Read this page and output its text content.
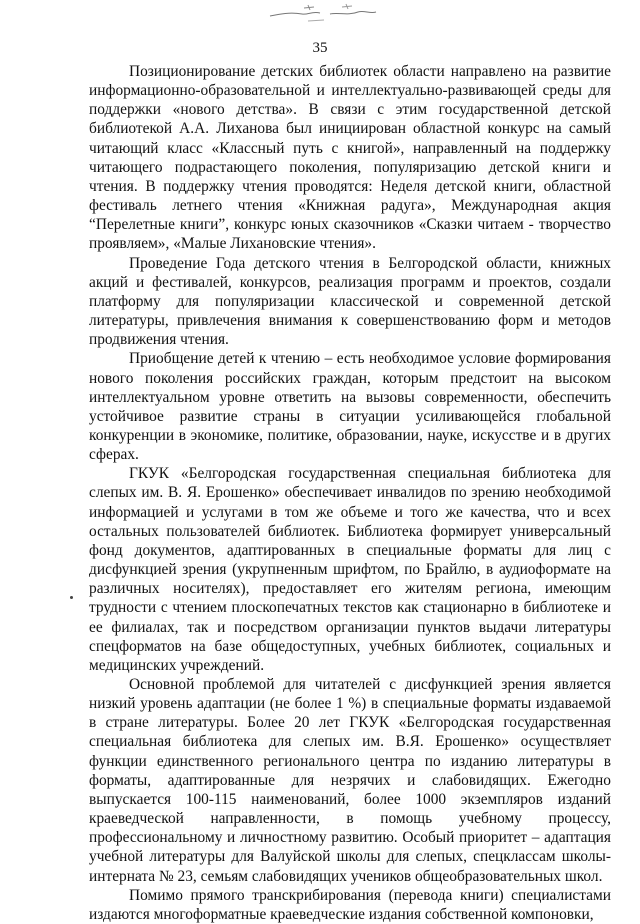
35

Позиционирование детских библиотек области направлено на развитие информационно-образовательной и интеллектуально-развивающей среды для поддержки «нового детства». В связи с этим государственной детской библиотекой А.А. Лиханова был инициирован областной конкурс на самый читающий класс «Классный путь с книгой», направленный на поддержку читающего подрастающего поколения, популяризацию детской книги и чтения. В поддержку чтения проводятся: Неделя детской книги, областной фестиваль летнего чтения «Книжная радуга», Международная акция “Перелетные книги”, конкурс юных сказочников «Сказки читаем - творчество проявляем», «Малые Лихановские чтения».

Проведение Года детского чтения в Белгородской области, книжных акций и фестивалей, конкурсов, реализация программ и проектов, создали платформу для популяризации классической и современной детской литературы, привлечения внимания к совершенствованию форм и методов продвижения чтения.

Приобщение детей к чтению – есть необходимое условие формирования нового поколения российских граждан, которым предстоит на высоком интеллектуальном уровне ответить на вызовы современности, обеспечить устойчивое развитие страны в ситуации усиливающейся глобальной конкуренции в экономике, политике, образовании, науке, искусстве и в других сферах.

ГКУК «Белгородская государственная специальная библиотека для слепых им. В. Я. Ерошенко» обеспечивает инвалидов по зрению необходимой информацией и услугами в том же объеме и того же качества, что и всех остальных пользователей библиотек. Библиотека формирует универсальный фонд документов, адаптированных в специальные форматы для лиц с дисфункцией зрения (укрупненным шрифтом, по Брайлю, в аудиоформате на различных носителях), предоставляет его жителям региона, имеющим трудности с чтением плоскопечатных текстов как стационарно в библиотеке и ее филиалах, так и посредством организации пунктов выдачи литературы спецформатов на базе общедоступных, учебных библиотек, социальных и медицинских учреждений.

Основной проблемой для читателей с дисфункцией зрения является низкий уровень адаптации (не более 1 %) в специальные форматы издаваемой в стране литературы. Более 20 лет ГКУК «Белгородская государственная специальная библиотека для слепых им. В.Я. Ерошенко» осуществляет функции единственного регионального центра по изданию литературы в форматы, адаптированные для незрячих и слабовидящих. Ежегодно выпускается 100-115 наименований, более 1000 экземпляров изданий краеведческой направленности, в помощь учебному процессу, профессиональному и личностному развитию. Особый приоритет – адаптация учебной литературы для Валуйской школы для слепых, спецклассам школы-интерната № 23, семьям слабовидящих учеников общеобразовательных школ.

Помимо прямого транскрибирования (перевода книги) специалистами издаются многоформатные краеведческие издания собственной компоновки,
